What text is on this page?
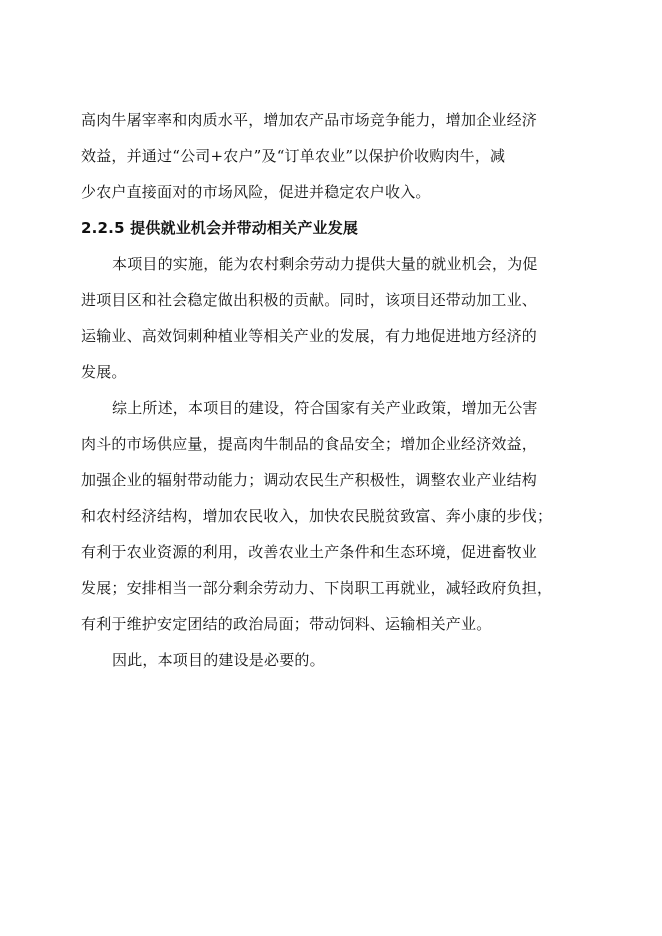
高肉牛屠宰率和肉质水平，增加农产品市场竞争能力，增加企业经济
效益，并通过“公司+农户”及“订单农业”以保护价收购肉牛，减
少农户直接面对的市场风险，促进并稳定农户收入。
2.2.5 提供就业机会并带动相关产业发展
本项目的实施，能为农村剩余劳动力提供大量的就业机会，为促
进项目区和社会稳定做出积极的贡献。同时，该项目还带动加工业、
运输业、高效饲刺种植业等相关产业的发展，有力地促进地方经济的
发展。
综上所述，本项目的建设，符合国家有关产业政策，增加无公害
肉斗的市场供应量，提高肉牛制品的食品安全；增加企业经济效益，
加强企业的辐射带动能力；调动农民生产积极性，调整农业产业结构
和农村经济结构，增加农民收入，加快农民脱贫致富、奔小康的步伐；
有利于农业资源的利用，改善农业土产条件和生态环境，促进畜牧业
发展；安排相当一部分剩余劳动力、下岗职工再就业，减轻政府负担，
有利于维护安定团结的政治局面；带动饲料、运输相关产业。
因此，本项目的建设是必要的。
